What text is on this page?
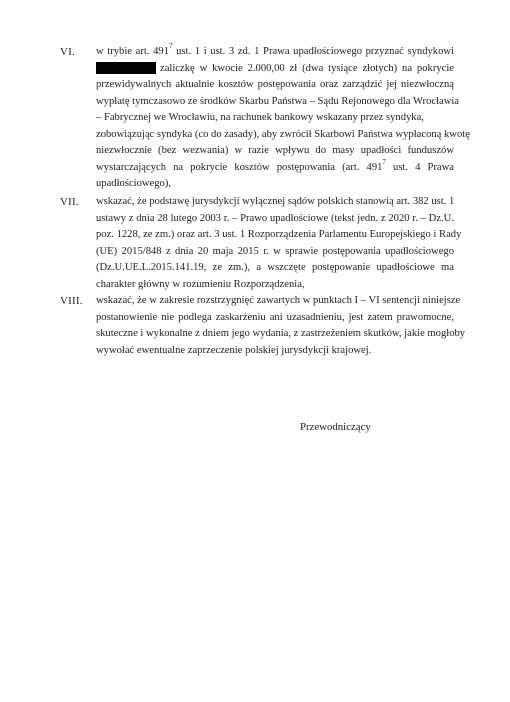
VI. w trybie art. $491^7$ ust. 1 i ust. 3 zd. 1 Prawa upadłościowego przyznać syndykowi
zaliczkę w kwocie 2.000,00 zł (dwa tysiące złotych) na pokrycie
przewidywalnych aktualnie kosztów postępowania oraz zarządzić jej niezwłoczną
wypłatę tymczasowo ze środków Skarbu Państwa – Sądu Rejonowego dla Wrocławia
– Fabrycznej we Wrocławiu, na rachunek bankowy wskazany przez syndyka,
zobowiązując syndyka (co do zasady), aby zwrócił Skarbowi Państwa wypłaconą kwotę
niezwłocznie (bez wezwania) w razie wpływu do masy upadłości funduszów
wystarczających na pokrycie kosztów postępowania (art. $491^7$ ust. 4 Prawa
upadłościowego),
VII. wskazać, że podstawę jurysdykcji wyłącznej sądów polskich stanowią art. 382 ust. 1
ustawy z dnia 28 lutego 2003 r. – Prawo upadłościowe (tekst jedn. z 2020 r. – Dz.U.
poz. 1228, ze zm.) oraz art. 3 ust. 1 Rozporządzenia Parlamentu Europejskiego i Rady
(UE) 2015/848 z dnia 20 maja 2015 r. w sprawie postępowania upadłościowego
(Dz.U.UE.L.2015.141.19, ze zm.), a wszczęte postępowanie upadłościowe ma
charakter główny w rozumieniu Rozporządzenia,
VIII. wskazać, że w zakresie rozstrzygnięć zawartych w punktach I – VI sentencji niniejsze
postanowienie nie podlega zaskarżeniu ani uzasadnieniu, jest zatem prawomocne,
skuteczne i wykonalne z dniem jego wydania, z zastrzeżeniem skutków, jakie mogłoby
wywołać ewentualne zaprzeczenie polskiej jurysdykcji krajowej.
Przewodniczący
